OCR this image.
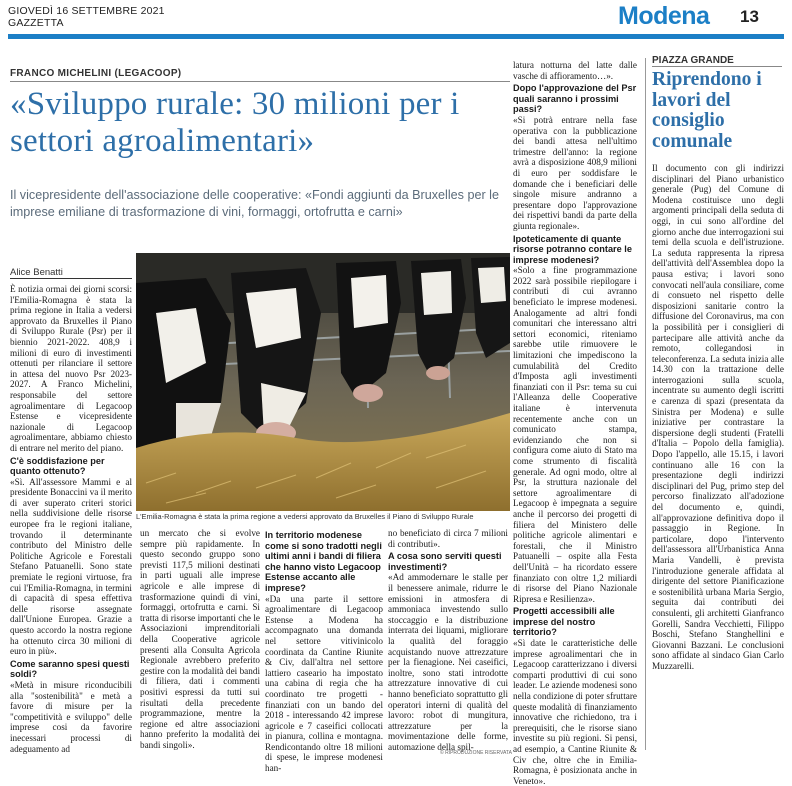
GIOVEDÌ 16 SETTEMBRE 2021
GAZZETTA	Modena 13
FRANCO MICHELINI (LEGACOOP)
«Sviluppo rurale: 30 milioni per i settori agroalimentari»
Il vicepresidente dell'associazione delle cooperative: «Fondi aggiunti da Bruxelles per le imprese emiliane di trasformazione di vini, formaggi, ortofrutta e carni»
Alice Benatti
L'Emilia-Romagna è stata la prima regione a vedersi approvato da Bruxelles il Piano di Sviluppo Rurale

È notizia ormai dei giorni scorsi: l'Emilia-Romagna è stata la prima regione in Italia a vedersi approvato da Bruxelles il Piano di Sviluppo Rurale (Psr) per il biennio 2021-2022. 408,9 i milioni di euro di investimenti ottenuti per rilanciare il settore in attesa del nuovo Psr 2023-2027. A Franco Michelini, responsabile del settore agroalimentare di Legacoop Estense e vicepresidente nazionale di Legacoop agroalimentare, abbiamo chiesto di entrare nel merito del piano.

C'è soddisfazione per quanto ottenuto?

«Sì. All'assessore Mammi e al presidente Bonaccini va il merito di aver superato criteri storici nella suddivisione delle risorse europee fra le regioni italiane, trovando il determinante contributo del Ministro delle Politiche Agricole e Forestali Stefano Patuanelli. Sono state premiate le regioni virtuose, fra cui l'Emilia-Romagna, in termini di capacità di spesa effettiva delle risorse assegnate dall'Unione Europea. Grazie a questo accordo la nostra regione ha ottenuto circa 30 milioni di euro in più».

Come saranno spesi questi soldi?

«Metà in misure riconducibili alla "sostenibilità" e metà a favore di misure per la "competitività e sviluppo" delle imprese cosi da favorire inecessari processi di adeguamento ad

un mercato che si evolve sempre più rapidamente. In questo secondo gruppo sono previsti 117,5 milioni destinati in parti uguali alle imprese agricole e alle imprese di trasformazione quindi di vini, formaggi, ortofrutta e carni. Si tratta di risorse importanti che le Associazioni imprenditoriali della Cooperative agricole presenti alla Consulta Agricola Regionale avrebbero preferito gestire con la modalità dei bandi di filiera, dati i commenti positivi espressi da tutti sui risultati della precedente programmazione, mentre la regione ed altre associazioni hanno preferito la modalità dei bandi singoli».

In territorio modenese come si sono tradotti negli ultimi anni i bandi di filiera che hanno visto Legacoop Estense accanto alle imprese?

«Da una parte il settore agroalimentare di Legacoop Estense a Modena ha accompagnato una domanda nel settore vitivinicolo coordinata da Cantine Riunite & Civ, dall'altra nel settore lattiero caseario ha impostato una cabina di regia che ha coordinato tre progetti - finanziati con un bando del 2018 - interessando 42 imprese agricole e 7 caseifici collocati in pianura, collina e montagna. Rendicontando oltre 18 milioni di spese, le imprese modenesi han-

no beneficiato di circa 7 milioni di contributi».

A cosa sono serviti questi investimenti?

«Ad ammodernare le stalle per il benessere animale, ridurre le emissioni in atmosfera di ammoniaca investendo sullo stoccaggio e la distribuzione interrata dei liquami, migliorare la qualità del foraggio acquistando nuove attrezzature per la fienagione. Nei caseifici, inoltre, sono stati introdotte attrezzature innovative di cui hanno beneficiato soprattutto gli operatori interni di qualità del lavoro: robot di mungitura, attrezzature per la movimentazione delle forme, automazione della spil-

latura notturna del latte dalle vasche di affioramento…».

Dopo l'approvazione del Psr quali saranno i prossimi passi?

«Si potrà entrare nella fase operativa con la pubblicazione dei bandi attesa nell'ultimo trimestre dell'anno: la regione avrà a disposizione 408,9 milioni di euro per soddisfare le domande che i beneficiari delle singole misure andranno a presentare dopo l'approvazione dei rispettivi bandi da parte della giunta regionale».

Ipoteticamente di quante risorse potranno contare le imprese modenesi?

«Solo a fine programmazione 2022 sarà possibile riepilogare i contributi di cui avranno beneficiato le imprese modenesi. Analogamente ad altri fondi comunitari che interessano altri settori economici, riteniamo sarebbe utile rimuovere le limitazioni che impediscono la cumulabilità del Credito d'Imposta agli investimenti finanziati con il Psr: tema su cui l'Alleanza delle Cooperative italiane è intervenuta recentemente anche con un comunicato stampa, evidenziando che non si configura come aiuto di Stato ma come strumento di fiscalità generale. Ad ogni modo, oltre al Psr, la struttura nazionale del settore agroalimentare di Legacoop è impegnata a seguire anche il percorso dei progetti di filiera del Ministero delle politiche agricole alimentari e forestali, che il Ministro Patuanelli – ospite alla Festa dell'Unità – ha ricordato essere finanziato con oltre 1,2 miliardi di risorse del Piano Nazionale Ripresa e Resilienza».

Progetti accessibili alle imprese del nostro territorio?

«Sì date le caratteristiche delle imprese agroalimentari che in Legacoop caratterizzano i diversi comparti produttivi di cui sono leader. Le aziende modenesi sono nella condizione di poter sfruttare queste modalità di finanziamento innovative che richiedono, tra i prerequisiti, che le risorse siano investite su più regioni. Si pensi, ad esempio, a Cantine Riunite & Civ che, oltre che in Emilia-Romagna, è posizionata anche in Veneto».

PIAZZA GRANDE
Riprendono i lavori del consiglio comunale
Il documento con gli indirizzi disciplinari del Piano urbanistico generale (Pug) del Comune di Modena costituisce uno degli argomenti principali della seduta di oggi, in cui sono all'ordine del giorno anche due interrogazioni sui temi della scuola e dell'istruzione. La seduta rappresenta la ripresa dell'attività dell'Assemblea dopo la pausa estiva; i lavori sono convocati nell'aula consiliare, come di consueto nel rispetto delle disposizioni sanitarie contro la diffusione del Coronavirus, ma con la possibilità per i consiglieri di partecipare alle attività anche da remoto, collegandosi in teleconferenza. La seduta inizia alle 14.30 con la trattazione delle interrogazioni sulla scuola, incentrate su aumento degli iscritti e carenza di spazi (presentata da Sinistra per Modena) e sulle iniziative per contrastare la dispersione degli studenti (Fratelli d'Italia – Popolo della famiglia). Dopo l'appello, alle 15.15, i lavori continuano alle 16 con la presentazione degli indirizzi disciplinari del Pug, primo step del percorso finalizzato all'adozione del documento e, quindi, all'approvazione definitiva dopo il passaggio in Regione. In particolare, dopo l'intervento dell'assessora all'Urbanistica Anna Maria Vandelli, è prevista l'introduzione generale affidata al dirigente del settore Pianificazione e sostenibilità urbana Maria Sergio, seguita dai contributi dei consulenti, gli architetti Gianfranco Gorelli, Sandra Vecchietti, Filippo Boschi, Stefano Stanghellini e Giovanni Bazzani. Le conclusioni sono affidate al sindaco Gian Carlo Muzzarelli.
© RIPRODUZIONE RISERVATA
